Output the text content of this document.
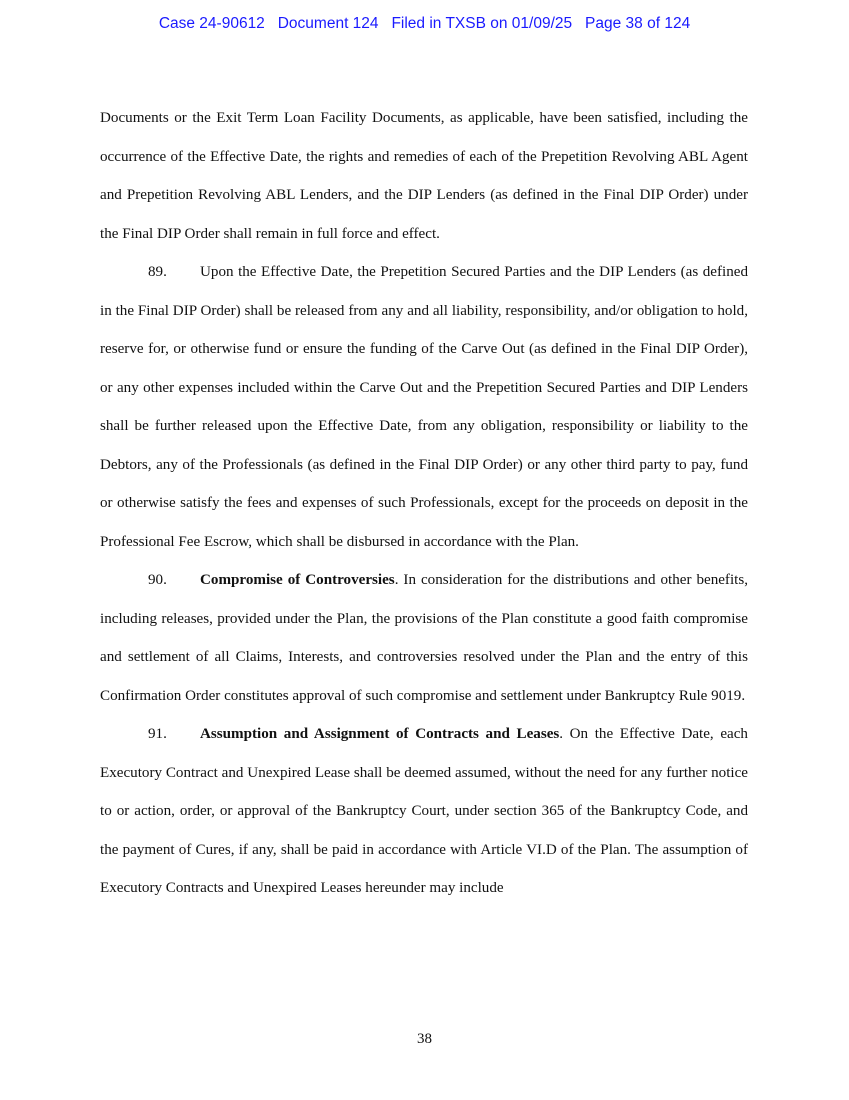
Case 24-90612   Document 124   Filed in TXSB on 01/09/25   Page 38 of 124

Documents or the Exit Term Loan Facility Documents, as applicable, have been satisfied, including the occurrence of the Effective Date, the rights and remedies of each of the Prepetition Revolving ABL Agent and Prepetition Revolving ABL Lenders, and the DIP Lenders (as defined in the Final DIP Order) under the Final DIP Order shall remain in full force and effect.

89. Upon the Effective Date, the Prepetition Secured Parties and the DIP Lenders (as defined in the Final DIP Order) shall be released from any and all liability, responsibility, and/or obligation to hold, reserve for, or otherwise fund or ensure the funding of the Carve Out (as defined in the Final DIP Order), or any other expenses included within the Carve Out and the Prepetition Secured Parties and DIP Lenders shall be further released upon the Effective Date, from any obligation, responsibility or liability to the Debtors, any of the Professionals (as defined in the Final DIP Order) or any other third party to pay, fund or otherwise satisfy the fees and expenses of such Professionals, except for the proceeds on deposit in the Professional Fee Escrow, which shall be disbursed in accordance with the Plan.

90. Compromise of Controversies. In consideration for the distributions and other benefits, including releases, provided under the Plan, the provisions of the Plan constitute a good faith compromise and settlement of all Claims, Interests, and controversies resolved under the Plan and the entry of this Confirmation Order constitutes approval of such compromise and settlement under Bankruptcy Rule 9019.

91. Assumption and Assignment of Contracts and Leases. On the Effective Date, each Executory Contract and Unexpired Lease shall be deemed assumed, without the need for any further notice to or action, order, or approval of the Bankruptcy Court, under section 365 of the Bankruptcy Code, and the payment of Cures, if any, shall be paid in accordance with Article VI.D of the Plan. The assumption of Executory Contracts and Unexpired Leases hereunder may include

38
